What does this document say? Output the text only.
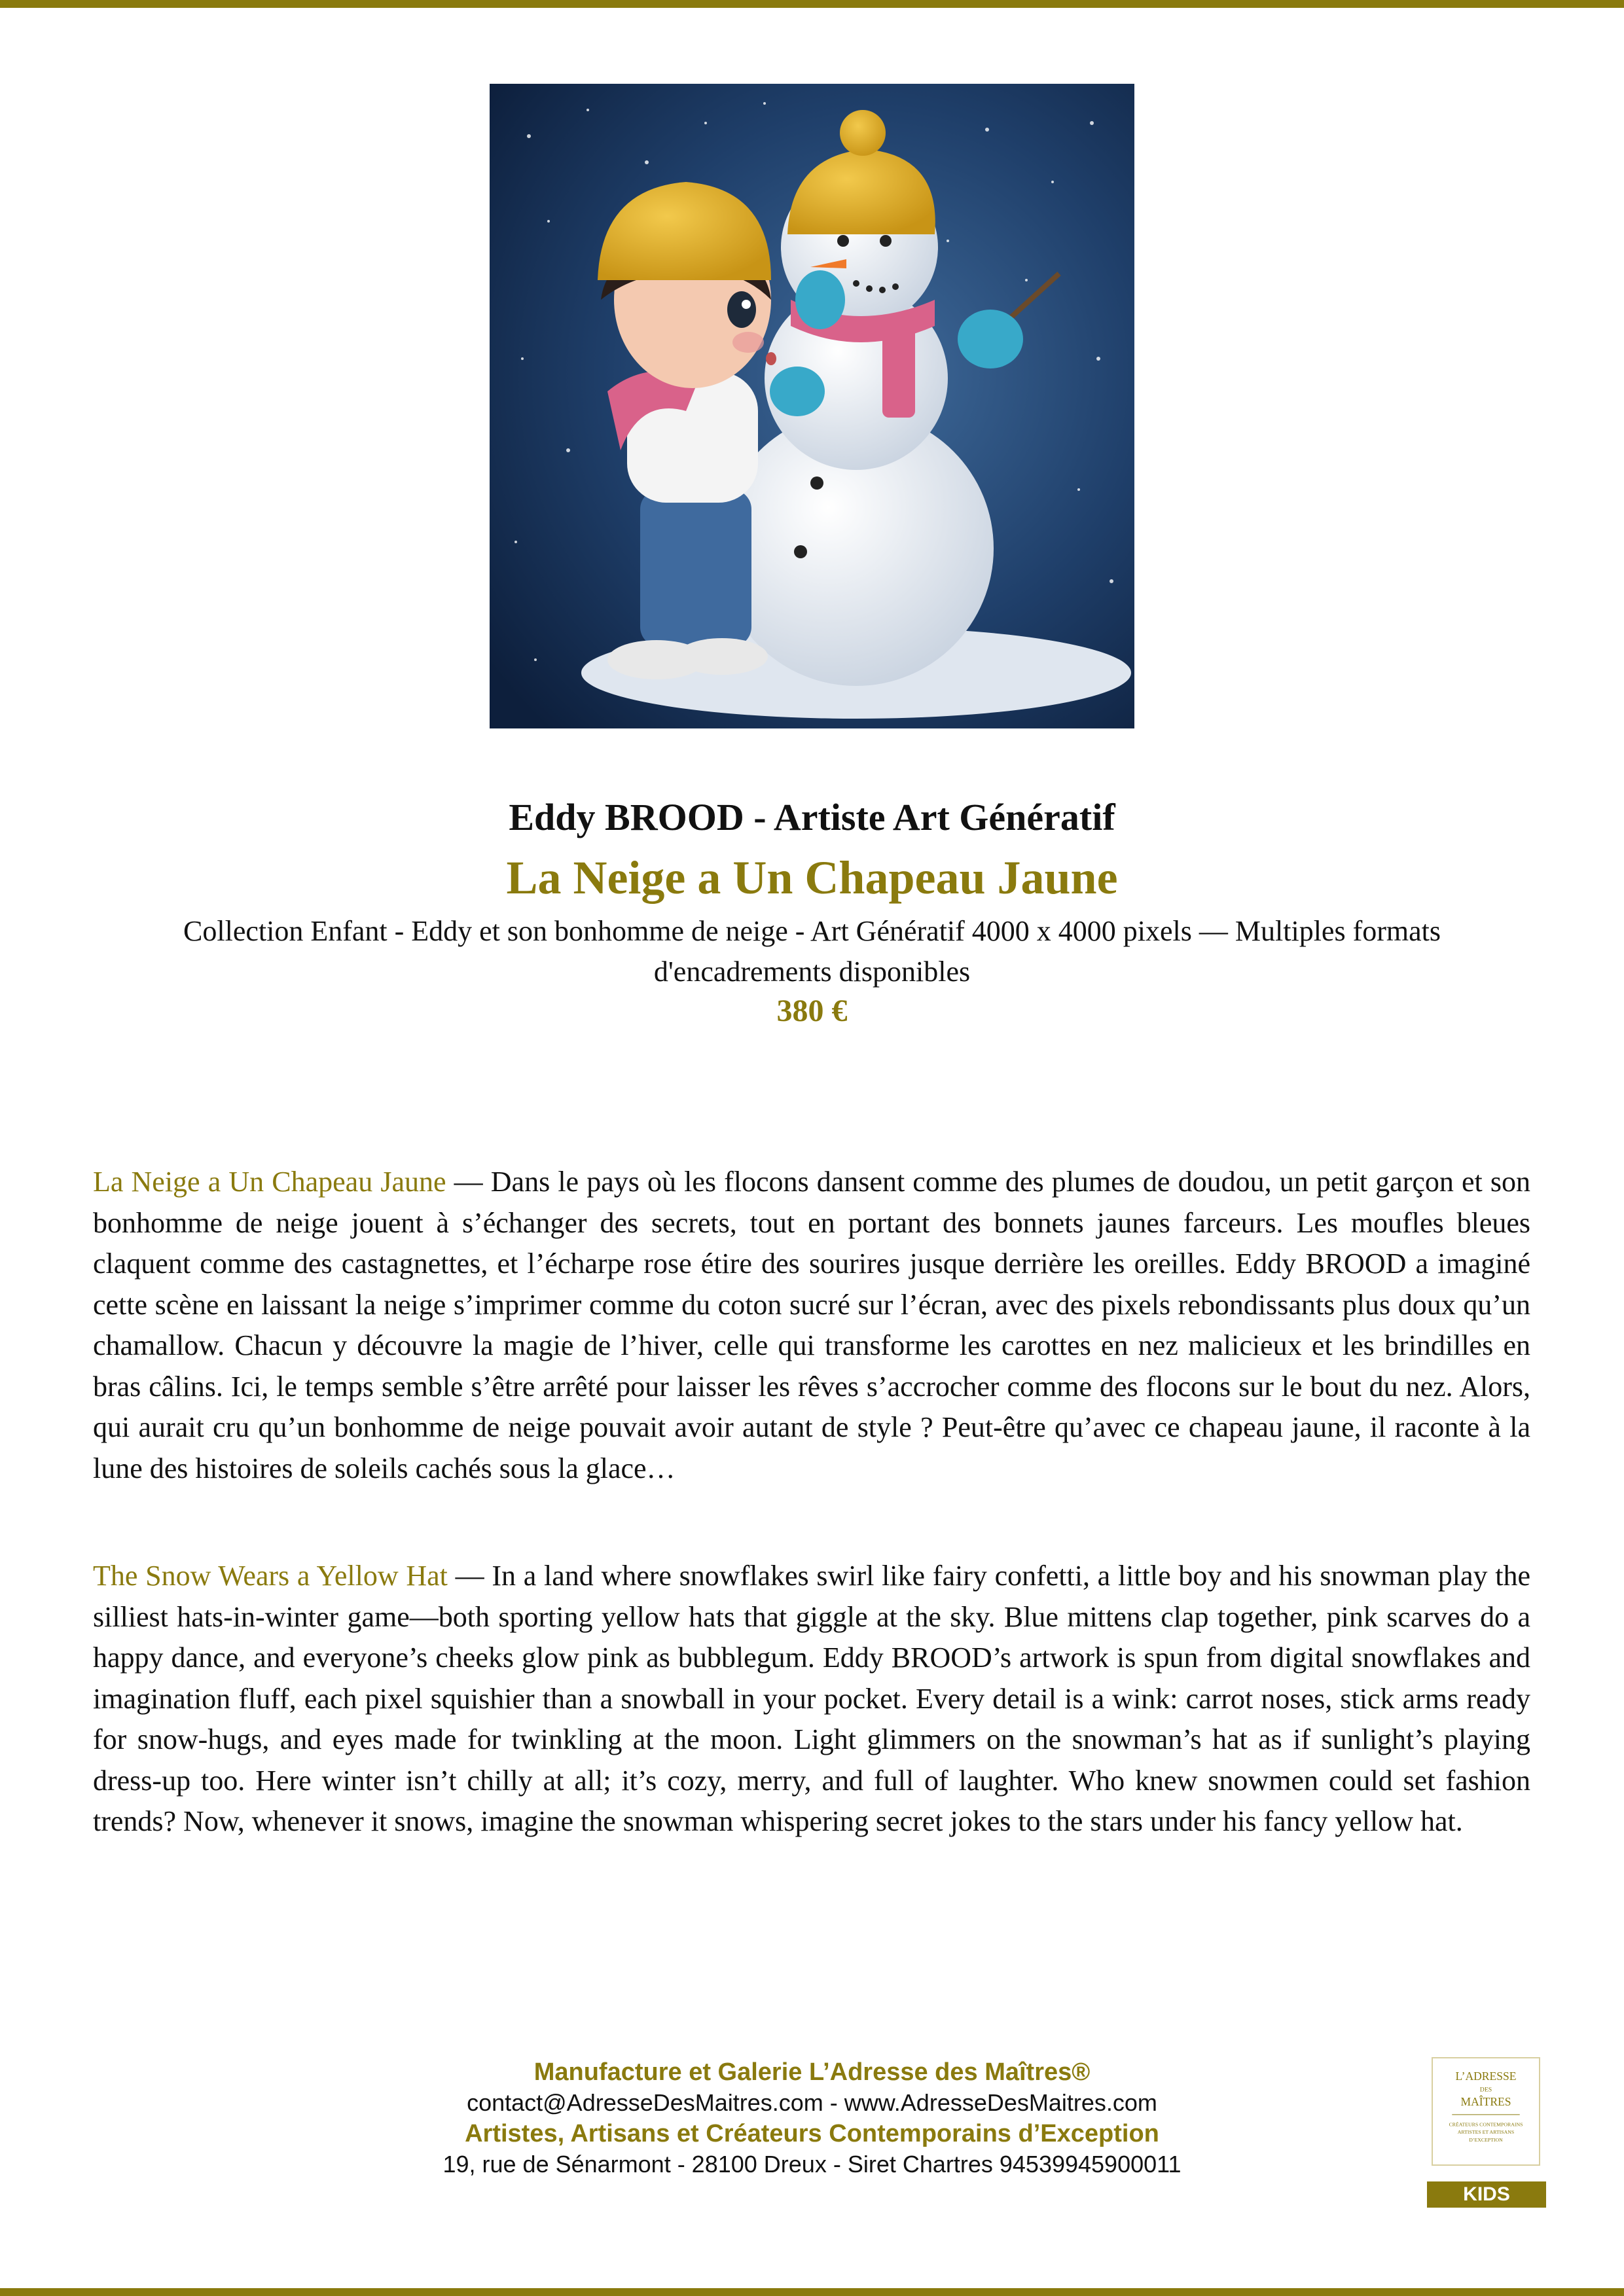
Eddy BROOD - Artiste Art Génératif
La Neige a Un Chapeau Jaune
Collection Enfant - Eddy et son bonhomme de neige - Art Génératif 4000 x 4000 pixels — Multiples formats d'encadrements disponibles
380 €

La Neige a Un Chapeau Jaune — Dans le pays où les flocons dansent comme des plumes de doudou, un petit garçon et son bonhomme de neige jouent à s’échanger des secrets, tout en portant des bonnets jaunes farceurs. Les moufles bleues claquent comme des castagnettes, et l’écharpe rose étire des sourires jusque derrière les oreilles. Eddy BROOD a imaginé cette scène en laissant la neige s’imprimer comme du coton sucré sur l’écran, avec des pixels rebondissants plus doux qu’un chamallow. Chacun y découvre la magie de l’hiver, celle qui transforme les carottes en nez malicieux et les brindilles en bras câlins. Ici, le temps semble s’être arrêté pour laisser les rêves s’accrocher comme des flocons sur le bout du nez. Alors, qui aurait cru qu’un bonhomme de neige pouvait avoir autant de style ? Peut-être qu’avec ce chapeau jaune, il raconte à la lune des histoires de soleils cachés sous la glace…

The Snow Wears a Yellow Hat — In a land where snowflakes swirl like fairy confetti, a little boy and his snowman play the silliest hats-in-winter game—both sporting yellow hats that giggle at the sky. Blue mittens clap together, pink scarves do a happy dance, and everyone’s cheeks glow pink as bubblegum. Eddy BROOD’s artwork is spun from digital snowflakes and imagination fluff, each pixel squishier than a snowball in your pocket. Every detail is a wink: carrot noses, stick arms ready for snow-hugs, and eyes made for twinkling at the moon. Light glimmers on the snowman’s hat as if sunlight’s playing dress-up too. Here winter isn’t chilly at all; it’s cozy, merry, and full of laughter. Who knew snowmen could set fashion trends? Now, whenever it snows, imagine the snowman whispering secret jokes to the stars under his fancy yellow hat.

Manufacture et Galerie L’Adresse des Maîtres®
contact@AdresseDesMaitres.com - www.AdresseDesMaitres.com
Artistes, Artisans et Créateurs Contemporains d’Exception
19, rue de Sénarmont - 28100 Dreux - Siret Chartres 94539945900011
L’ADRESSE
DES
MAÎTRES
CRÉATEURS CONTEMPORAINS
ARTISTES ET ARTISANS
D’EXCEPTION
KIDS
